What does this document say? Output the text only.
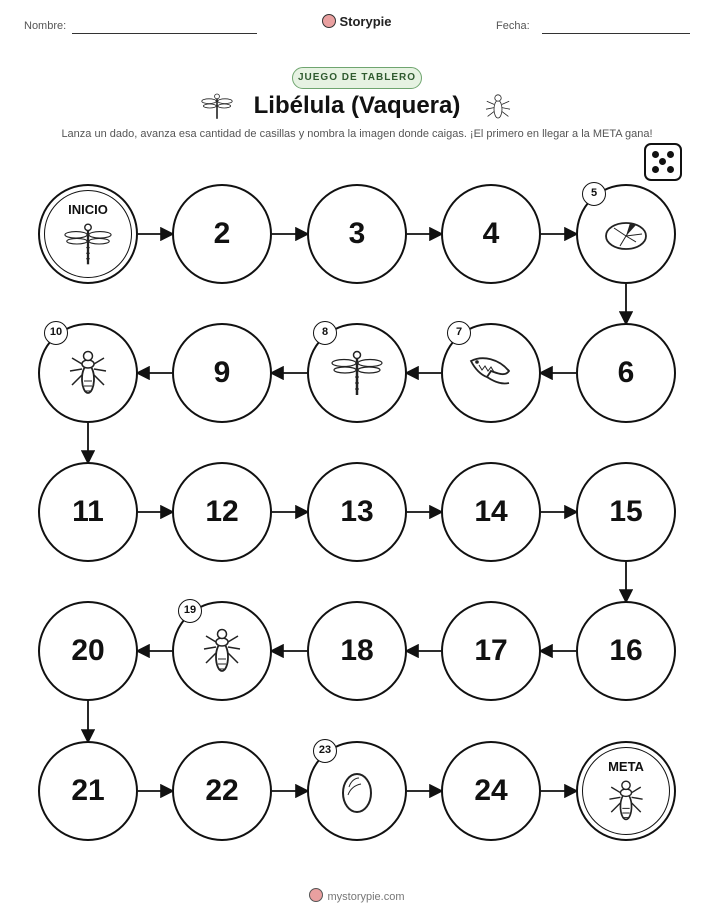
Nombre:	Storypie	Fecha:
JUEGO DE TABLERO
Libélula (Vaquera)
Lanza un dado, avanza esa cantidad de casillas y nombra la imagen donde caigas. ¡El primero en llegar a la META gana!
INICIO
2	3	4
5
6
7
8
9
10
11	12	13	14	15
16
17
18
19
20
21	22
23
24
META
mystorypie.com
